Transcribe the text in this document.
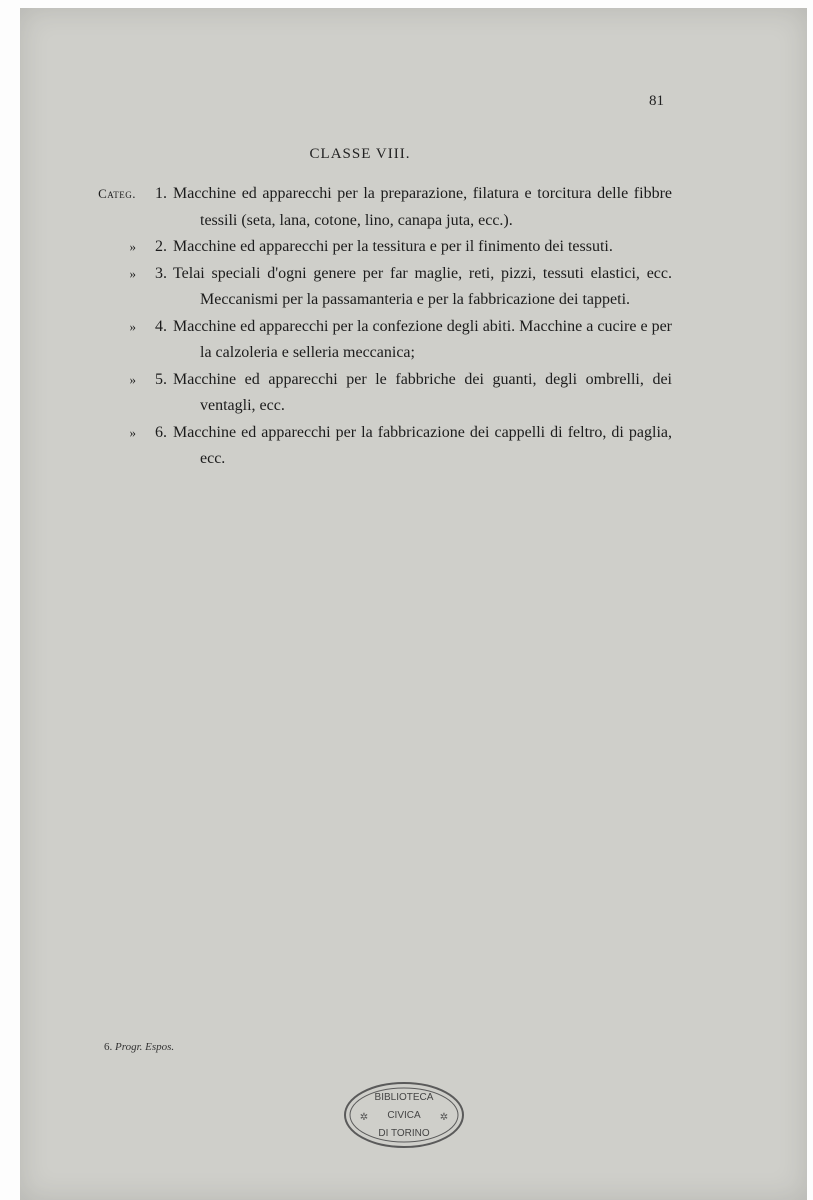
81
CLASSE VIII.
Categ.	1. Macchine ed apparecchi per la preparazione, filatura e torcitura delle fibbre tessili (seta, lana, cotone, lino, canapa juta, ecc.).
»	2. Macchine ed apparecchi per la tessitura e per il finimento dei tessuti.
»	3. Telai speciali d'ogni genere per far maglie, reti, pizzi, tessuti elastici, ecc. Meccanismi per la passamanteria e per la fabbricazione dei tappeti.
»	4. Macchine ed apparecchi per la confezione degli abiti. Macchine a cucire e per la calzoleria e selleria meccanica;
»	5. Macchine ed apparecchi per le fabbriche dei guanti, degli ombrelli, dei ventagli, ecc.
»	6. Macchine ed apparecchi per la fabbricazione dei cappelli di feltro, di paglia, ecc.
6. Progr. Espos.
BIBLIOTECA
CIVICA
DI TORINO
✲	✲
